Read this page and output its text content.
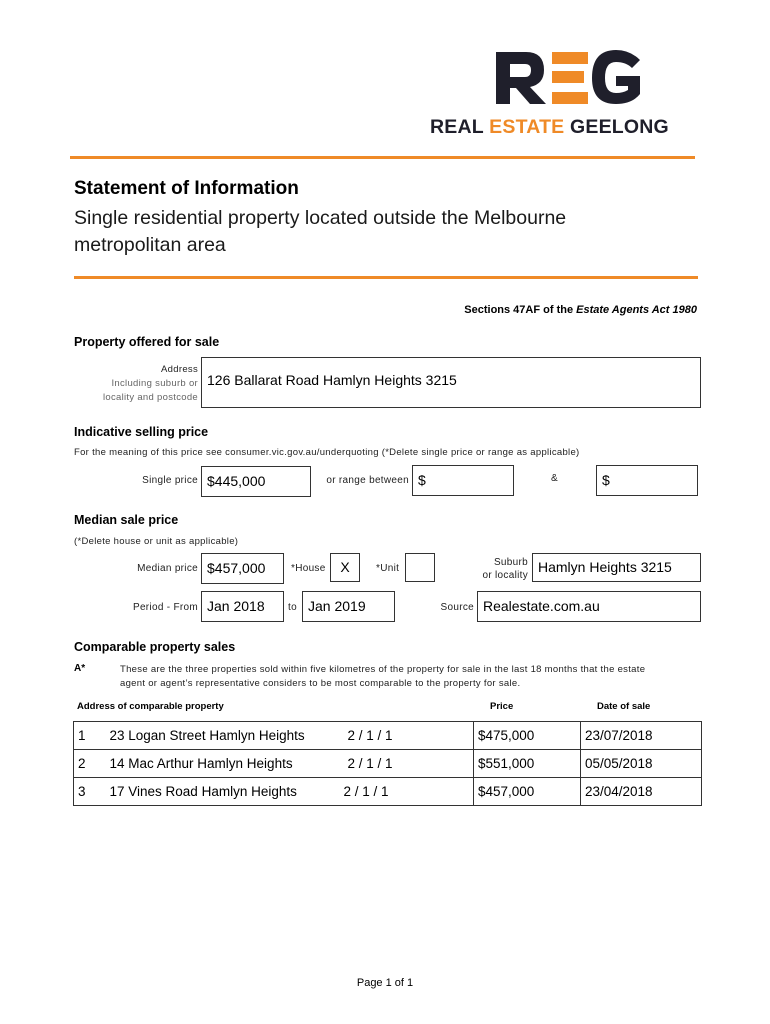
REAL ESTATE GEELONG
Statement of Information
Single residential property located outside the Melbourne metropolitan area
Sections 47AF of the Estate Agents Act 1980
Property offered for sale
Address
Including suburb or
locality and postcode
126 Ballarat Road Hamlyn Heights 3215
Indicative selling price
For the meaning of this price see consumer.vic.gov.au/underquoting (*Delete single price or range as applicable)
Single price $445,000	or range between $	&	$
Median sale price
(*Delete house or unit as applicable)
Median price $457,000	*House	X	*Unit
Suburb
or locality
Hamlyn Heights 3215
Period - From Jan 2018	to Jan 2019	Source Realestate.com.au
Comparable property sales
A*	These are the three properties sold within five kilometres of the property for sale in the last 18 months that the estate
agent or agent’s representative considers to be most comparable to the property for sale.
Address of comparable property	Price	Date of sale
1	23 Logan Street Hamlyn Heights	2 / 1 / 1	$475,000	23/07/2018
2	14 Mac Arthur Hamlyn Heights	2 / 1 / 1	$551,000	05/05/2018
3	17 Vines Road Hamlyn Heights	2 / 1 / 1	$457,000	23/04/2018
Page 1 of 1
